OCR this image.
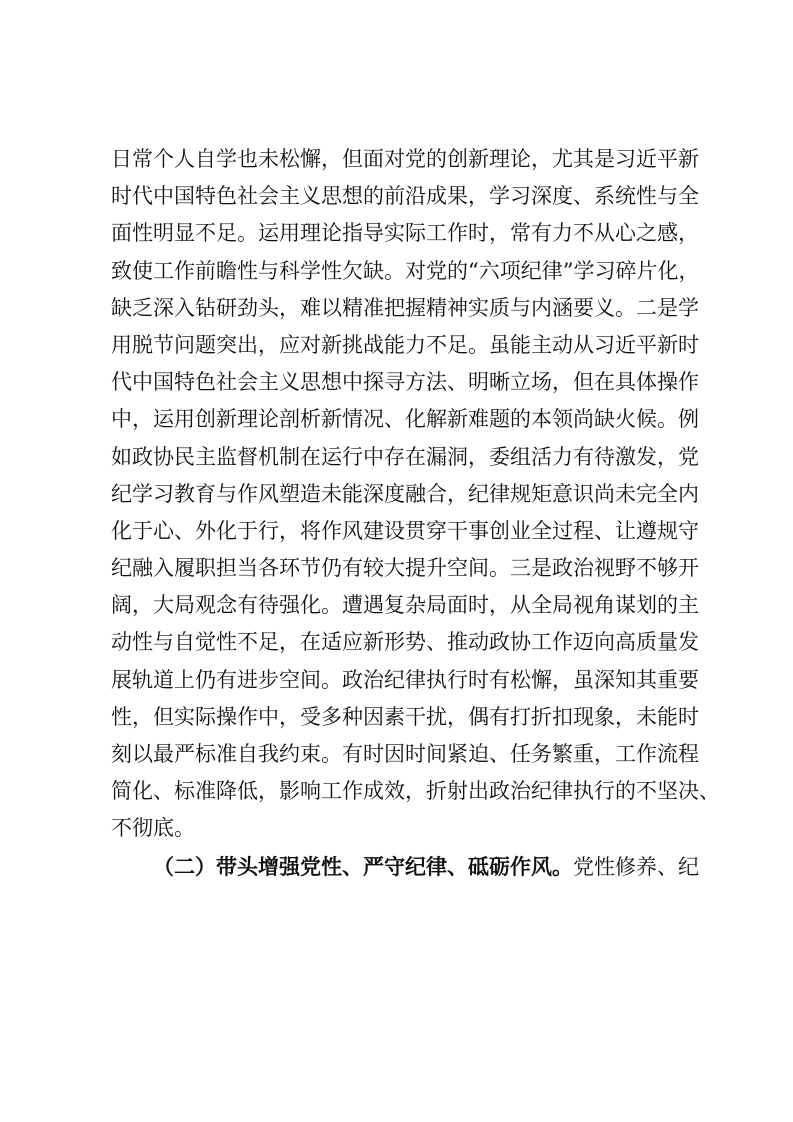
日常个人自学也未松懈，但面对党的创新理论，尤其是习近平新
时代中国特色社会主义思想的前沿成果，学习深度、系统性与全
面性明显不足。运用理论指导实际工作时，常有力不从心之感，
致使工作前瞻性与科学性欠缺。对党的“六项纪律”学习碎片化，
缺乏深入钻研劲头，难以精准把握精神实质与内涵要义。二是学
用脱节问题突出，应对新挑战能力不足。虽能主动从习近平新时
代中国特色社会主义思想中探寻方法、明晰立场，但在具体操作
中，运用创新理论剖析新情况、化解新难题的本领尚缺火候。例
如政协民主监督机制在运行中存在漏洞，委组活力有待激发，党
纪学习教育与作风塑造未能深度融合，纪律规矩意识尚未完全内
化于心、外化于行，将作风建设贯穿干事创业全过程、让遵规守
纪融入履职担当各环节仍有较大提升空间。三是政治视野不够开
阔，大局观念有待强化。遭遇复杂局面时，从全局视角谋划的主
动性与自觉性不足，在适应新形势、推动政协工作迈向高质量发
展轨道上仍有进步空间。政治纪律执行时有松懈，虽深知其重要
性，但实际操作中，受多种因素干扰，偶有打折扣现象，未能时
刻以最严标准自我约束。有时因时间紧迫、任务繁重，工作流程
简化、标准降低，影响工作成效，折射出政治纪律执行的不坚决、
不彻底。
（二）带头增强党性、严守纪律、砥砺作风。党性修养、纪
